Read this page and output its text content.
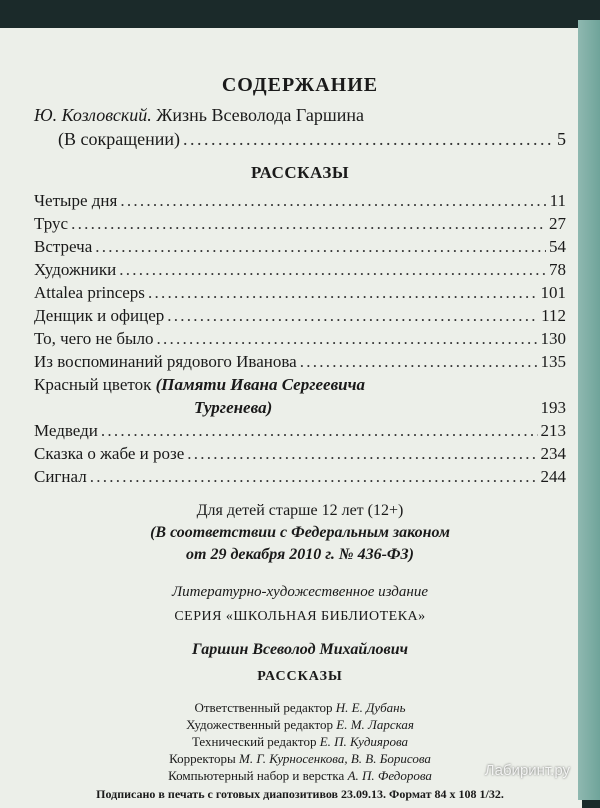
СОДЕРЖАНИЕ
Ю. Козловский. Жизнь Всеволода Гаршина
(В сокращении) . . .	5
РАССКАЗЫ
Четыре дня . . .	11
Трус . . .	27
Встреча . . .	54
Художники . . .	78
Attalea princeps . . .	101
Денщик и офицер . . .	112
То, чего не было . . .	130
Из воспоминаний рядового Иванова . . .	135
Красный цветок (Памяти Ивана Сергеевича
Тургенева)	193
Медведи . . .	213
Сказка о жабе и розе . . .	234
Сигнал . . .	244
Для детей старше 12 лет (12+)
(В соответствии с Федеральным законом
от 29 декабря 2010 г. № 436-ФЗ)
Литературно-художественное издание
СЕРИЯ «ШКОЛЬНАЯ БИБЛИОТЕКА»
Гаршин Всеволод Михайлович
РАССКАЗЫ
Ответственный редактор Н. Е. Дубань
Художественный редактор Е. М. Ларская
Технический редактор Е. П. Кудиярова
Корректоры М. Г. Курносенкова, В. В. Борисова
Компьютерный набор и верстка А. П. Федорова
Подписано в печать с готовых диапозитивов 23.09.13. Формат 84 х 108 1/32.
Лабиринт.ру
